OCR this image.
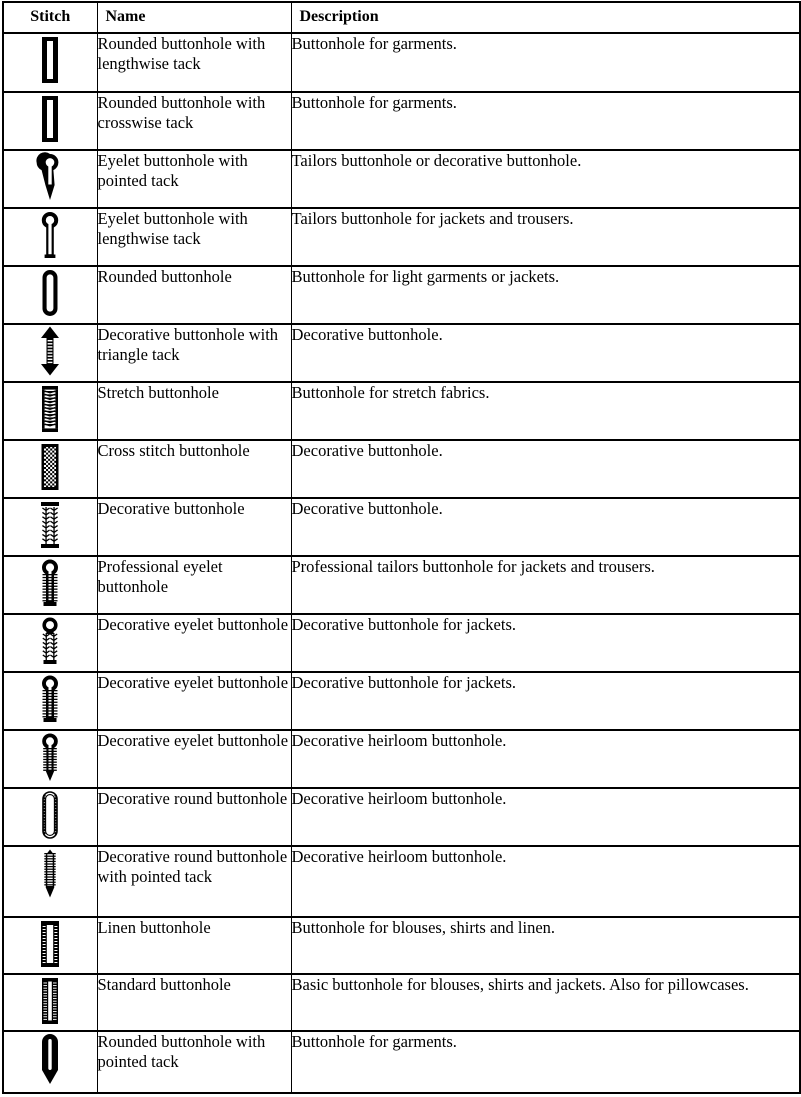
Stitch	Name	Description

	Rounded buttonhole with lengthwise tack	Buttonhole for garments.

	Rounded buttonhole with crosswise tack	Buttonhole for garments.

	Eyelet buttonhole with pointed tack	Tailors buttonhole or decorative buttonhole.

	Eyelet buttonhole with lengthwise tack	Tailors buttonhole for jackets and trousers.

	Rounded buttonhole	Buttonhole for light garments or jackets.

	Decorative buttonhole with triangle tack	Decorative buttonhole.

	Stretch buttonhole	Buttonhole for stretch fabrics.

	Cross stitch buttonhole	Decorative buttonhole.

	Decorative buttonhole	Decorative buttonhole.

	Professional eyelet buttonhole	Professional tailors buttonhole for jackets and trousers.

	Decorative eyelet buttonhole	Decorative buttonhole for jackets.

	Decorative eyelet buttonhole	Decorative buttonhole for jackets.

	Decorative eyelet buttonhole	Decorative heirloom buttonhole.

	Decorative round buttonhole	Decorative heirloom buttonhole.

	Decorative round buttonhole with pointed tack	Decorative heirloom buttonhole.

	Linen buttonhole	Buttonhole for blouses, shirts and linen.

	Standard buttonhole	Basic buttonhole for blouses, shirts and jackets. Also for pillowcases.

	Rounded buttonhole with pointed tack	Buttonhole for garments.
